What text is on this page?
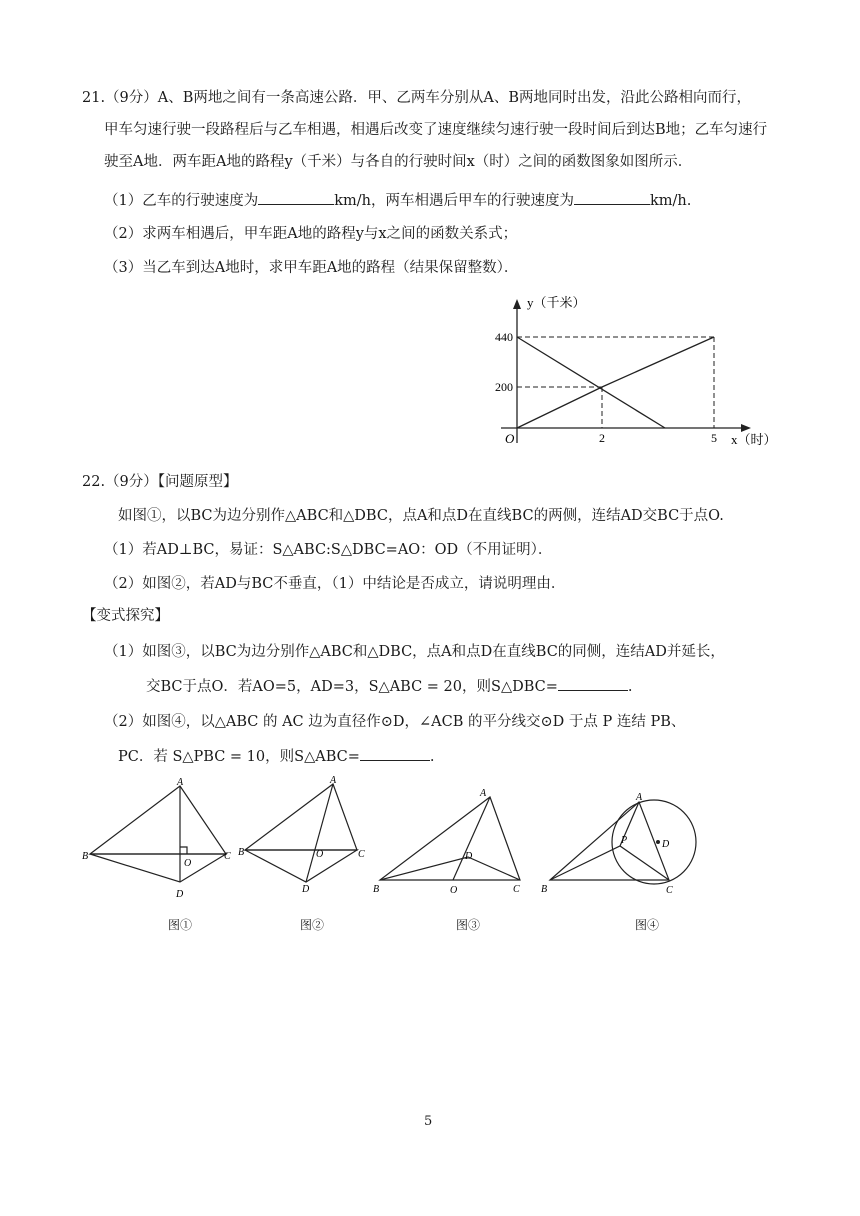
21.（9分）A、B两地之间有一条高速公路．甲、乙两车分别从A、B两地同时出发，沿此公路相向而行，
甲车匀速行驶一段路程后与乙车相遇，相遇后改变了速度继续匀速行驶一段时间后到达B地；乙车匀速行
驶至A地．两车距A地的路程y（千米）与各自的行驶时间x（时）之间的函数图象如图所示．
（1）乙车的行驶速度为	km/h，两车相遇后甲车的行驶速度为	km/h.
（2）求两车相遇后，甲车距A地的路程y与x之间的函数关系式；
（3）当乙车到达A地时，求甲车距A地的路程（结果保留整数）．
y（千米）
440
200
O	2	5 x（时）
22.（9分）【问题原型】
如图①，以BC为边分别作△ABC和△DBC，点A和点D在直线BC的两侧，连结AD交BC于点O.
（1）若AD⊥BC，易证：S△ABC:S△DBC=AO：OD（不用证明）．
（2）如图②，若AD与BC不垂直，（1）中结论是否成立，请说明理由．
【变式探究】
（1）如图③，以BC为边分别作△ABC和△DBC，点A和点D在直线BC的同侧，连结AD并延长，
交BC于点O．若AO=5，AD=3，S△ABC = 20，则S△DBC=	.
（2）如图④，以△ABC 的 AC 边为直径作⊙D，∠ACB 的平分线交⊙D 于点 P 连结 PB、
PC．若 S△PBC = 10，则S△ABC=	.
A
B
O
C
D
A
B	O	C
D
A
B
D
O	C
A
B
P	D
C
图①	图②	图③	图④
5
